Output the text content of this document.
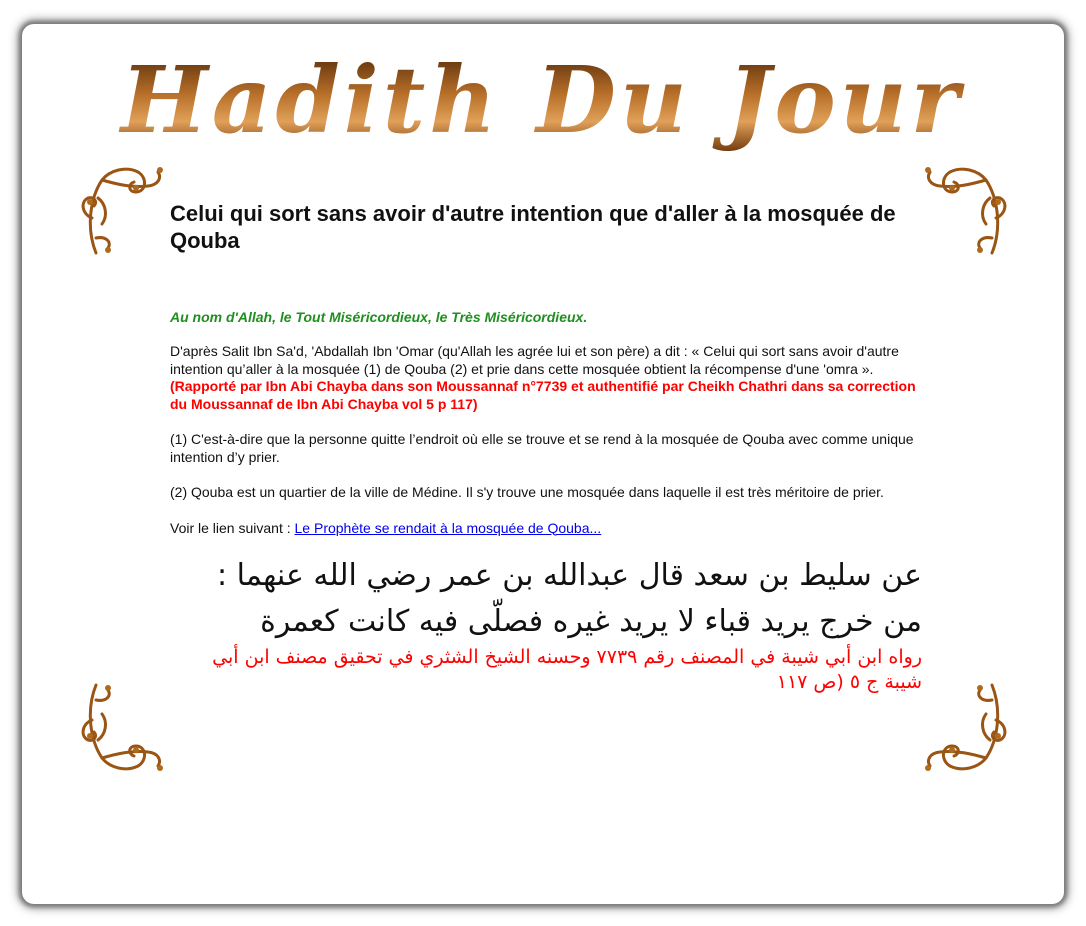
Hadith Du Jour
Celui qui sort sans avoir d'autre intention que d'aller à la mosquée de Qouba
Au nom d'Allah, le Tout Miséricordieux, le Très Miséricordieux.
D'après Salit Ibn Sa'd, 'Abdallah Ibn 'Omar (qu'Allah les agrée lui et son père) a dit : « Celui qui sort sans avoir d'autre intention qu’aller à la mosquée (1) de Qouba (2) et prie dans cette mosquée obtient la récompense d'une 'omra ».
(Rapporté par Ibn Abi Chayba dans son Moussannaf n°7739 et authentifié par Cheikh Chathri dans sa correction du Moussannaf de Ibn Abi Chayba vol 5 p 117)
(1) C'est-à-dire que la personne quitte l’endroit où elle se trouve et se rend à la mosquée de Qouba avec comme unique intention d’y prier.
(2) Qouba est un quartier de la ville de Médine. Il s'y trouve une mosquée dans laquelle il est très méritoire de prier.
Voir le lien suivant : Le Prophète se rendait à la mosquée de Qouba...
عن سليط بن سعد قال عبدالله بن عمر رضي الله عنهما : من خرج يريد قباء لا يريد غيره فصلّى فيه كانت كعمرة
رواه ابن أبي شيبة في المصنف رقم ٧٧٣٩ وحسنه الشيخ الشثري في تحقيق مصنف ابن أبي شيبة ج ٥ (ص ١١٧
